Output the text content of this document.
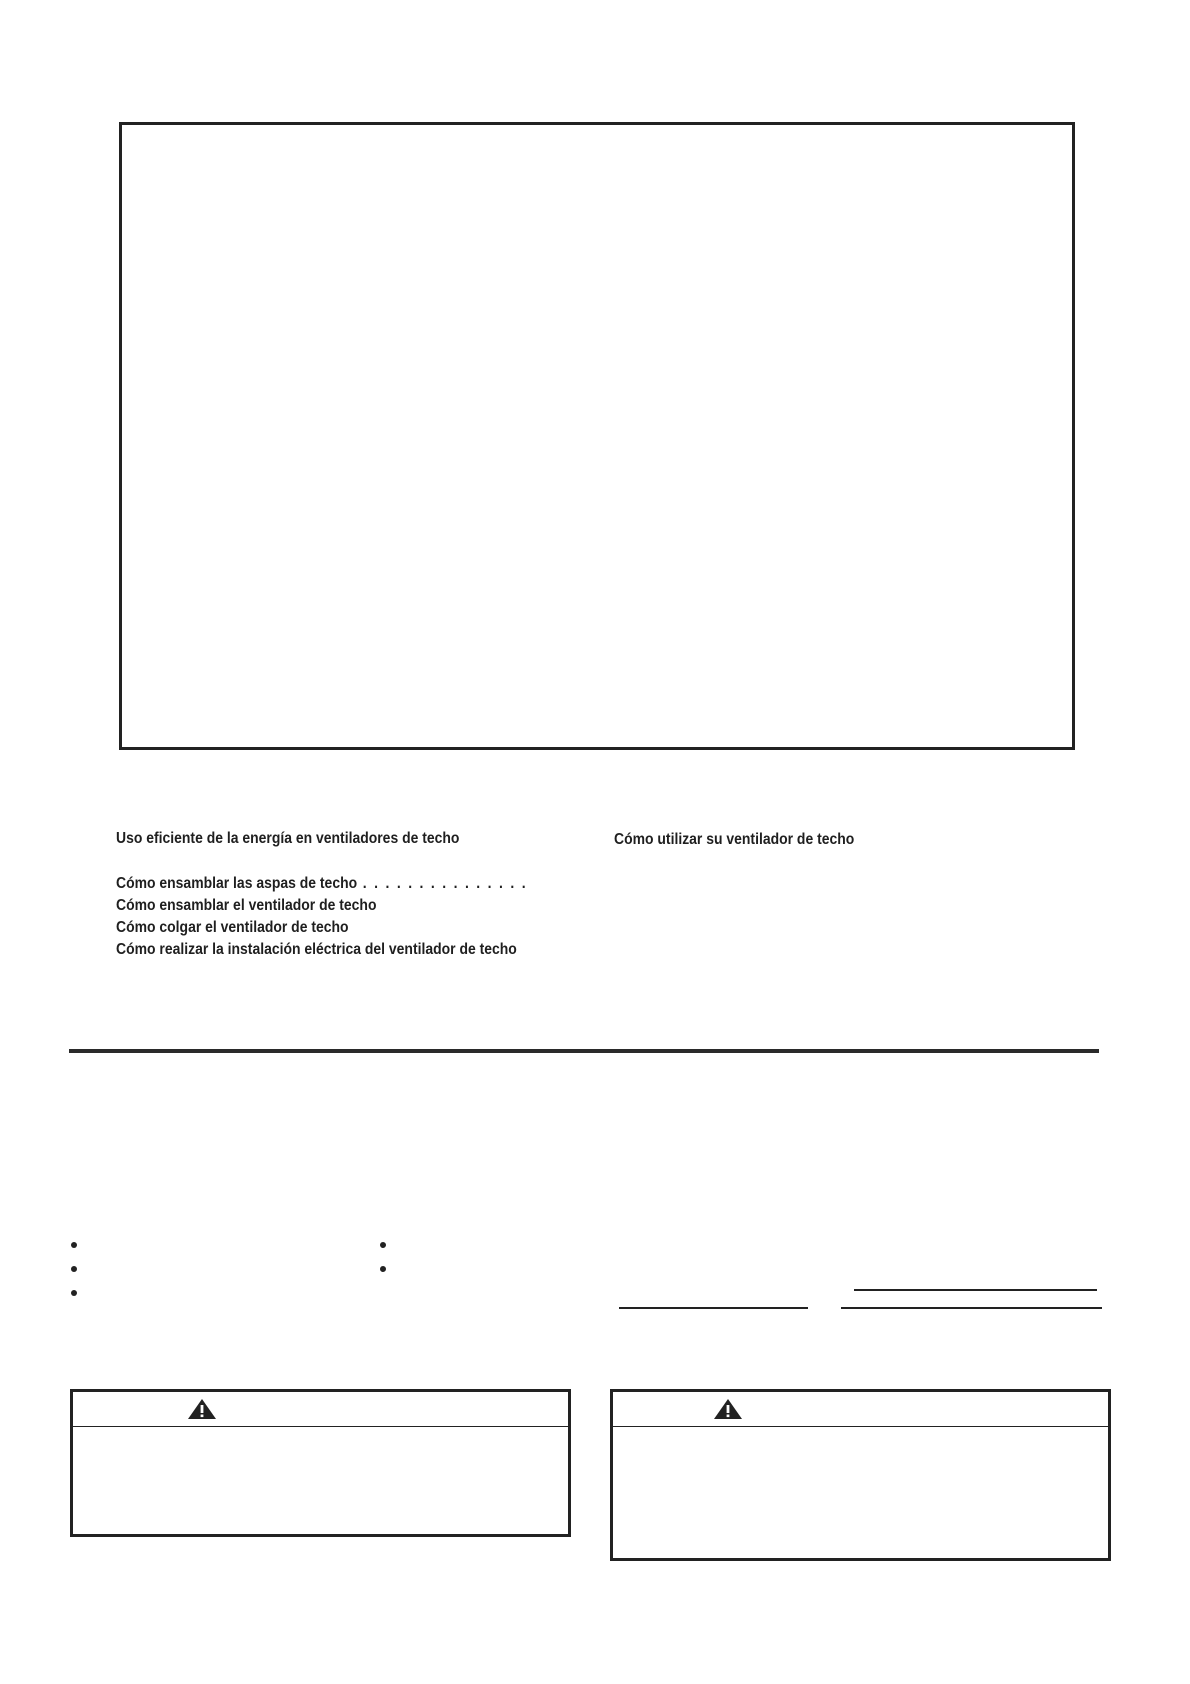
Uso eficiente de la energía en ventiladores de techo
Cómo ensamblar las aspas de techo . . . . . . . . . . . . . . .
Cómo ensamblar el ventilador de techo
Cómo colgar el ventilador de techo
Cómo realizar la instalación eléctrica del ventilador de techo
Cómo utilizar su ventilador de techo
